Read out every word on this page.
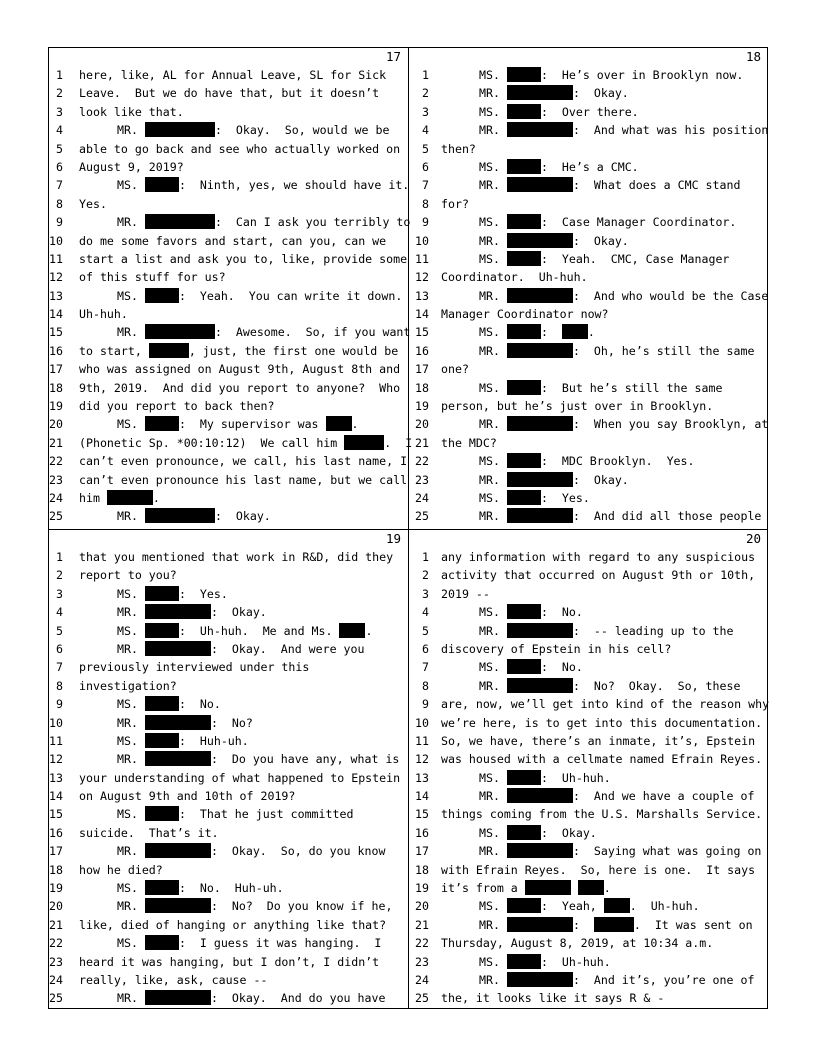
17
1 here, like, AL for Annual Leave, SL for Sick
2 Leave.  But we do have that, but it doesn’t
3 look like that.
4	MR.	:  Okay.  So, would we be
5 able to go back and see who actually worked on
6 August 9, 2019?
7	MS.	:  Ninth, yes, we should have it.
8 Yes.
9	MR.	:  Can I ask you terribly to
10 do me some favors and start, can you, can we
11 start a list and ask you to, like, provide some
12 of this stuff for us?
13	MS.	:  Yeah.  You can write it down.
14 Uh-huh.
15	MR.	:  Awesome.  So, if you want
16 to start,	, just, the first one would be
17 who was assigned on August 9th, August 8th and
18 9th, 2019.  And did you report to anyone?  Who
19 did you report to back then?
20	MS.	:  My supervisor was .
21 (Phonetic Sp. *00:10:12)  We call him	.  I
22 can’t even pronounce, we call, his last name, I
23 can’t even pronounce his last name, but we call
24 him	.
25	MR.	:  Okay.
18
1	MS.	:  He’s over in Brooklyn now.
2	MR.	:  Okay.
3	MS.	:  Over there.
4	MR.	:  And what was his position
5 then?
6	MS.	:  He’s a CMC.
7	MR.	:  What does a CMC stand
8 for?
9	MS.	:  Case Manager Coordinator.
10	MR.	:  Okay.
11	MS.	:  Yeah.  CMC, Case Manager
12 Coordinator.  Uh-huh.
13	MR.	:  And who would be the Case
14 Manager Coordinator now?
15	MS.	:  .
16	MR.	:  Oh, he’s still the same
17 one?
18	MS.	:  But he’s still the same
19 person, but he’s just over in Brooklyn.
20	MR.	:  When you say Brooklyn, at
21 the MDC?
22	MS.	:  MDC Brooklyn.  Yes.
23	MR.	:  Okay.
24	MS.	:  Yes.
25	MR.	:  And did all those people
19
1 that you mentioned that work in R&D, did they
2 report to you?
3	MS.	:  Yes.
4	MR.	:  Okay.
5	MS.	:  Uh-huh.  Me and Ms. .
6	MR.	:  Okay.  And were you
7 previously interviewed under this
8 investigation?
9	MS.	:  No.
10	MR.	:  No?
11	MS.	:  Huh-uh.
12	MR.	:  Do you have any, what is
13 your understanding of what happened to Epstein
14 on August 9th and 10th of 2019?
15	MS.	:  That he just committed
16 suicide.  That’s it.
17	MR.	:  Okay.  So, do you know
18 how he died?
19	MS.	:  No.  Huh-uh.
20	MR.	:  No?  Do you know if he,
21 like, died of hanging or anything like that?
22	MS.	:  I guess it was hanging.  I
23 heard it was hanging, but I don’t, I didn’t
24 really, like, ask, cause --
25	MR.	:  Okay.  And do you have
20
1 any information with regard to any suspicious
2 activity that occurred on August 9th or 10th,
3 2019 --
4	MS.	:  No.
5	MR.	:  -- leading up to the
6 discovery of Epstein in his cell?
7	MS.	:  No.
8	MR.	:  No?  Okay.  So, these
9 are, now, we’ll get into kind of the reason why
10 we’re here, is to get into this documentation.
11 So, we have, there’s an inmate, it’s, Epstein
12 was housed with a cellmate named Efrain Reyes.
13	MS.	:  Uh-huh.
14	MR.	:  And we have a couple of
15 things coming from the U.S. Marshalls Service.
16	MS.	:  Okay.
17	MR.	:  Saying what was going on
18 with Efrain Reyes.  So, here is one.  It says
19 it’s from a	.
20	MS.	:  Yeah, .  Uh-huh.
21	MR.	:	.  It was sent on
22 Thursday, August 8, 2019, at 10:34 a.m.
23	MS.	:  Uh-huh.
24	MR.	:  And it’s, you’re one of
25 the, it looks like it says R & -
